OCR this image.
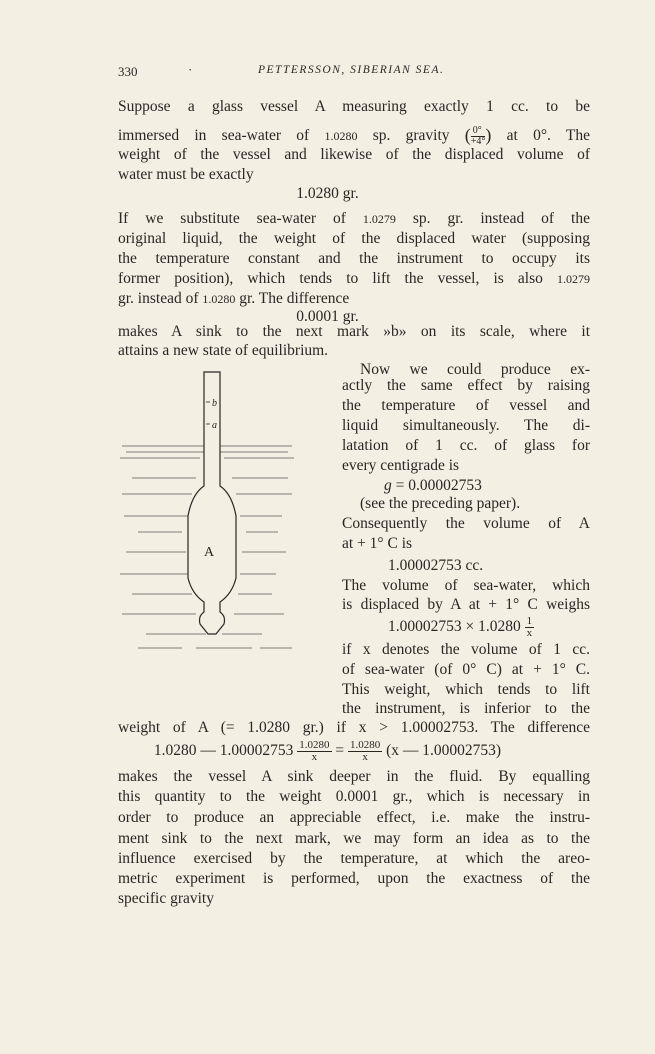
330	·	PETTERSSON, SIBERIAN SEA.
Suppose a glass vessel A measuring exactly 1 cc. to be
immersed in sea-water of 1.0280 sp. gravity ( $\frac{0^\circ}{+4^\circ}$ ) at 0°. The
weight of the vessel and likewise of the displaced volume of
water must be exactly
1.0280 gr.
If we substitute sea-water of 1.0279 sp. gr. instead of the
original liquid, the weight of the displaced water (supposing
the temperature constant and the instrument to occupy its
former position), which tends to lift the vessel, is also 1.0279
gr. instead of 1.0280 gr. The difference
0.0001 gr.
makes A sink to the next mark »b» on its scale, where it
attains a new state of equilibrium.
Now we could produce ex-
actly the same effect by raising
the temperature of vessel and
liquid simultaneously. The di-
latation of 1 cc. of glass for
every centigrade is
g = 0.00002753
(see the preceding paper).
Consequently the volume of A
at + 1° C is
1.00002753 cc.
The volume of sea-water, which
is displaced by A at + 1° C weighs
$1.00002753 \times 1.0280 \frac{1}{x}$
if x denotes the volume of 1 cc.
of sea-water (of 0° C) at + 1° C.
This weight, which tends to lift
the instrument, is inferior to the
weight of A (= 1.0280 gr.) if x > 1.00002753. The difference
1.0280 — $1.00002753 \frac{1.0280}{x} = \frac{1.0280}{x} (x$ — 1.00002753)
makes the vessel A sink deeper in the fluid. By equalling
this quantity to the weight 0.0001 gr., which is necessary in
order to produce an appreciable effect, i.e. make the instru-
ment sink to the next mark, we may form an idea as to the
influence exercised by the temperature, at which the areo-
metric experiment is performed, upon the exactness of the
specific gravity
b
a
A
